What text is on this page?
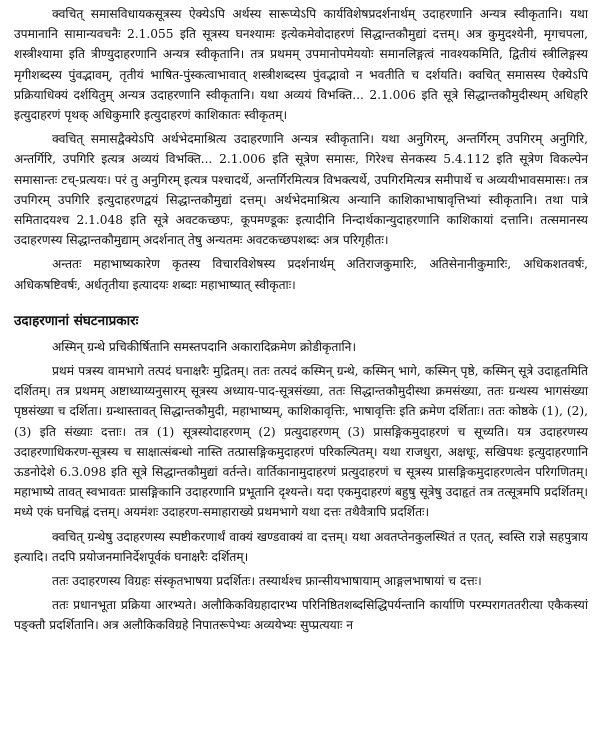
क्वचित् समासविधायकसूत्रस्य ऐक्येऽपि अर्थस्य सारूप्येऽपि कार्यविशेषप्रदर्शनार्थम् उदाहरणानि अन्यत्र स्वीकृतानि। यथा उपमानानि सामान्यवचनैः 2.1.055 इति सूत्रस्य घनश्यामः इत्येकमेवोदाहरणं सिद्धान्तकौमुद्यां दत्तम्। अत्र कुमुदश्येनी, मृगचपला, शस्त्रीश्यामा इति त्रीण्युदाहरणानि अन्यत्र स्वीकृतानि। तत्र प्रथमम् उपमानोपमेययोः समानलिङ्गत्वं नावश्यकमिति, द्वितीयं स्त्रीलिङ्गस्य मृगीशब्दस्य पुंवद्भावम्, तृतीयं भाषित-पुंस्कत्वाभावात् शस्त्रीशब्दस्य पुंवद्भावो न भवतीति च दर्शयति। क्वचित् समासस्य ऐक्येऽपि प्रक्रियाधिक्यं दर्शयितुम् अन्यत्र उदाहरणानि स्वीकृतानि। यथा अव्ययं विभक्ति... 2.1.006 इति सूत्रे सिद्धान्तकौमुदीस्थम् अधिहरि इत्युदाहरणं पृथक् अधिकुमारि इत्युदाहरणं काशिकातः स्वीकृतम्।

क्वचित् समासद्वैक्येऽपि अर्थभेदमाश्रित्य उदाहरणानि अन्यत्र स्वीकृतानि। यथा अनुगिरम्, अन्तर्गिरम् उपगिरम् अनुगिरि, अन्तर्गिरि, उपगिरि इत्यत्र अव्ययं विभक्ति... 2.1.006 इति सूत्रेण समासः, गिरेश्च सेनकस्य 5.4.112 इति सूत्रेण विकल्पेन समासान्तः टच्-प्रत्ययः। परं तु अनुगिरम् इत्यत्र पश्चादर्थे, अन्तर्गिरमित्यत्र विभक्त्यर्थे, उपगिरमित्यत्र समीपार्थे च अव्ययीभावसमासः। तत्र उपगिरम् उपगिरि इत्युदाहरणद्वयं सिद्धान्तकौमुद्यां दत्तम्। अर्थभेदमाश्रित्य अन्यानि काशिकाभाषावृत्तिभ्यां स्वीकृतानि। तथा पात्रे समितादयश्च 2.1.048 इति सूत्रे अवटकच्छपः, कूपमण्डूकः इत्यादीनि निन्दार्थकान्युदाहरणानि काशिकायां दत्तानि। तत्समानस्य उदाहरणस्य सिद्धान्तकौमुद्याम् अदर्शनात् तेषु अन्यतमः अवटकच्छपशब्दः अत्र परिगृहीतः।

अन्ततः महाभाष्यकारेण कृतस्य विचारविशेषस्य प्रदर्शनार्थम् अतिराजकुमारिः, अतिसेनानीकुमारिः, अधिकशतवर्षः, अधिकषष्टिवर्षः, अर्धतृतीया इत्यादयः शब्दाः महाभाष्यात् स्वीकृताः।

उदाहरणानां संघटनाप्रकारः

अस्मिन् ग्रन्थे प्रचिकीर्षितानि समस्तपदानि अकारादिक्रमेण क्रोडीकृतानि।

प्रथमं पत्रस्य वामभागे तत्पदं घनाक्षरैः मुद्रितम्। ततः तत्पदं कस्मिन् ग्रन्थे, कस्मिन् भागे, कस्मिन् पृष्ठे, कस्मिन् सूत्रे उदाहृतमिति दर्शितम्। तत्र प्रथमम् अष्टाध्याय्यनुसारम् सूत्रस्य अध्याय-पाद-सूत्रसंख्या, ततः सिद्धान्तकौमुदीस्था क्रमसंख्या, ततः ग्रन्थस्य भागसंख्या पृष्ठसंख्या च दर्शिता। ग्रन्थास्तावत् सिद्धान्तकौमुदी, महाभाष्यम्, काशिकावृत्तिः, भाषावृत्तिः इति क्रमेण दर्शिताः। ततः कोष्ठके (1), (2), (3) इति संख्याः दत्ताः। तत्र (1) सूत्रस्योदाहरणम् (2) प्रत्युदाहरणम् (3) प्रासङ्गिकमुदाहरणं च सूच्यति। यत्र उदाहरणस्य उदाहरणाधिकरण-सूत्रस्य च साक्षात्संबन्धो नास्ति तत्प्रासङ्गिकमुदाहरणं परिकल्पितम्। यथा राजधुरा, अक्षधूः, सखिपथः इत्युदाहरणानि ऊडनोदेशे 6.3.098 इति सूत्रे सिद्धान्तकौमुद्यां वर्तन्ते। वार्तिकानामुदाहरणं प्रत्युदाहरणं च सूत्रस्य प्रासङ्गिकमुदाहरणत्वेन परिगणितम्। महाभाष्ये तावत् स्वभावतः प्रासङ्गिकानि उदाहरणानि प्रभूतानि दृश्यन्ते। यदा एकमुदाहरणं बहुषु सूत्रेषु उदाहृतं तत्र तत्सूत्रमपि प्रदर्शितम्। मध्ये एकं घनचिह्नं दत्तम्। अयमंशः उदाहरण-समाहाराख्ये प्रथमभागे यथा दत्तः तथैवैत्रापि प्रदर्शितः।

क्वचित् ग्रन्थेषु उदाहरणस्य स्पष्टीकरणार्थं वाक्यं खण्डवाक्यं वा दत्तम्। यथा अवतप्तेनकुलस्थितं त एतत्, स्वस्ति राज्ञे सहपुत्राय इत्यादि। तदपि प्रयोजनमानिर्देशपूर्वकं घनाक्षरैः दर्शितम्।

ततः उदाहरणस्य विग्रहः संस्कृतभाषया प्रदर्शितः। तस्यार्थश्च फ्रान्सीयभाषायाम् आङ्गलभाषायां च दत्तः।

ततः प्रधानभूता प्रक्रिया आरभ्यते। अलौकिकविग्रहादारभ्य परिनिष्ठितशब्दसिद्धिपर्यन्तानि कार्याणि परम्परागततरीत्या एकैकस्यां पङ्क्तौ प्रदर्शितानि। अत्र अलौकिकविग्रहे निपातरूपेभ्यः अव्ययेभ्यः सुप्प्रत्ययाः न
